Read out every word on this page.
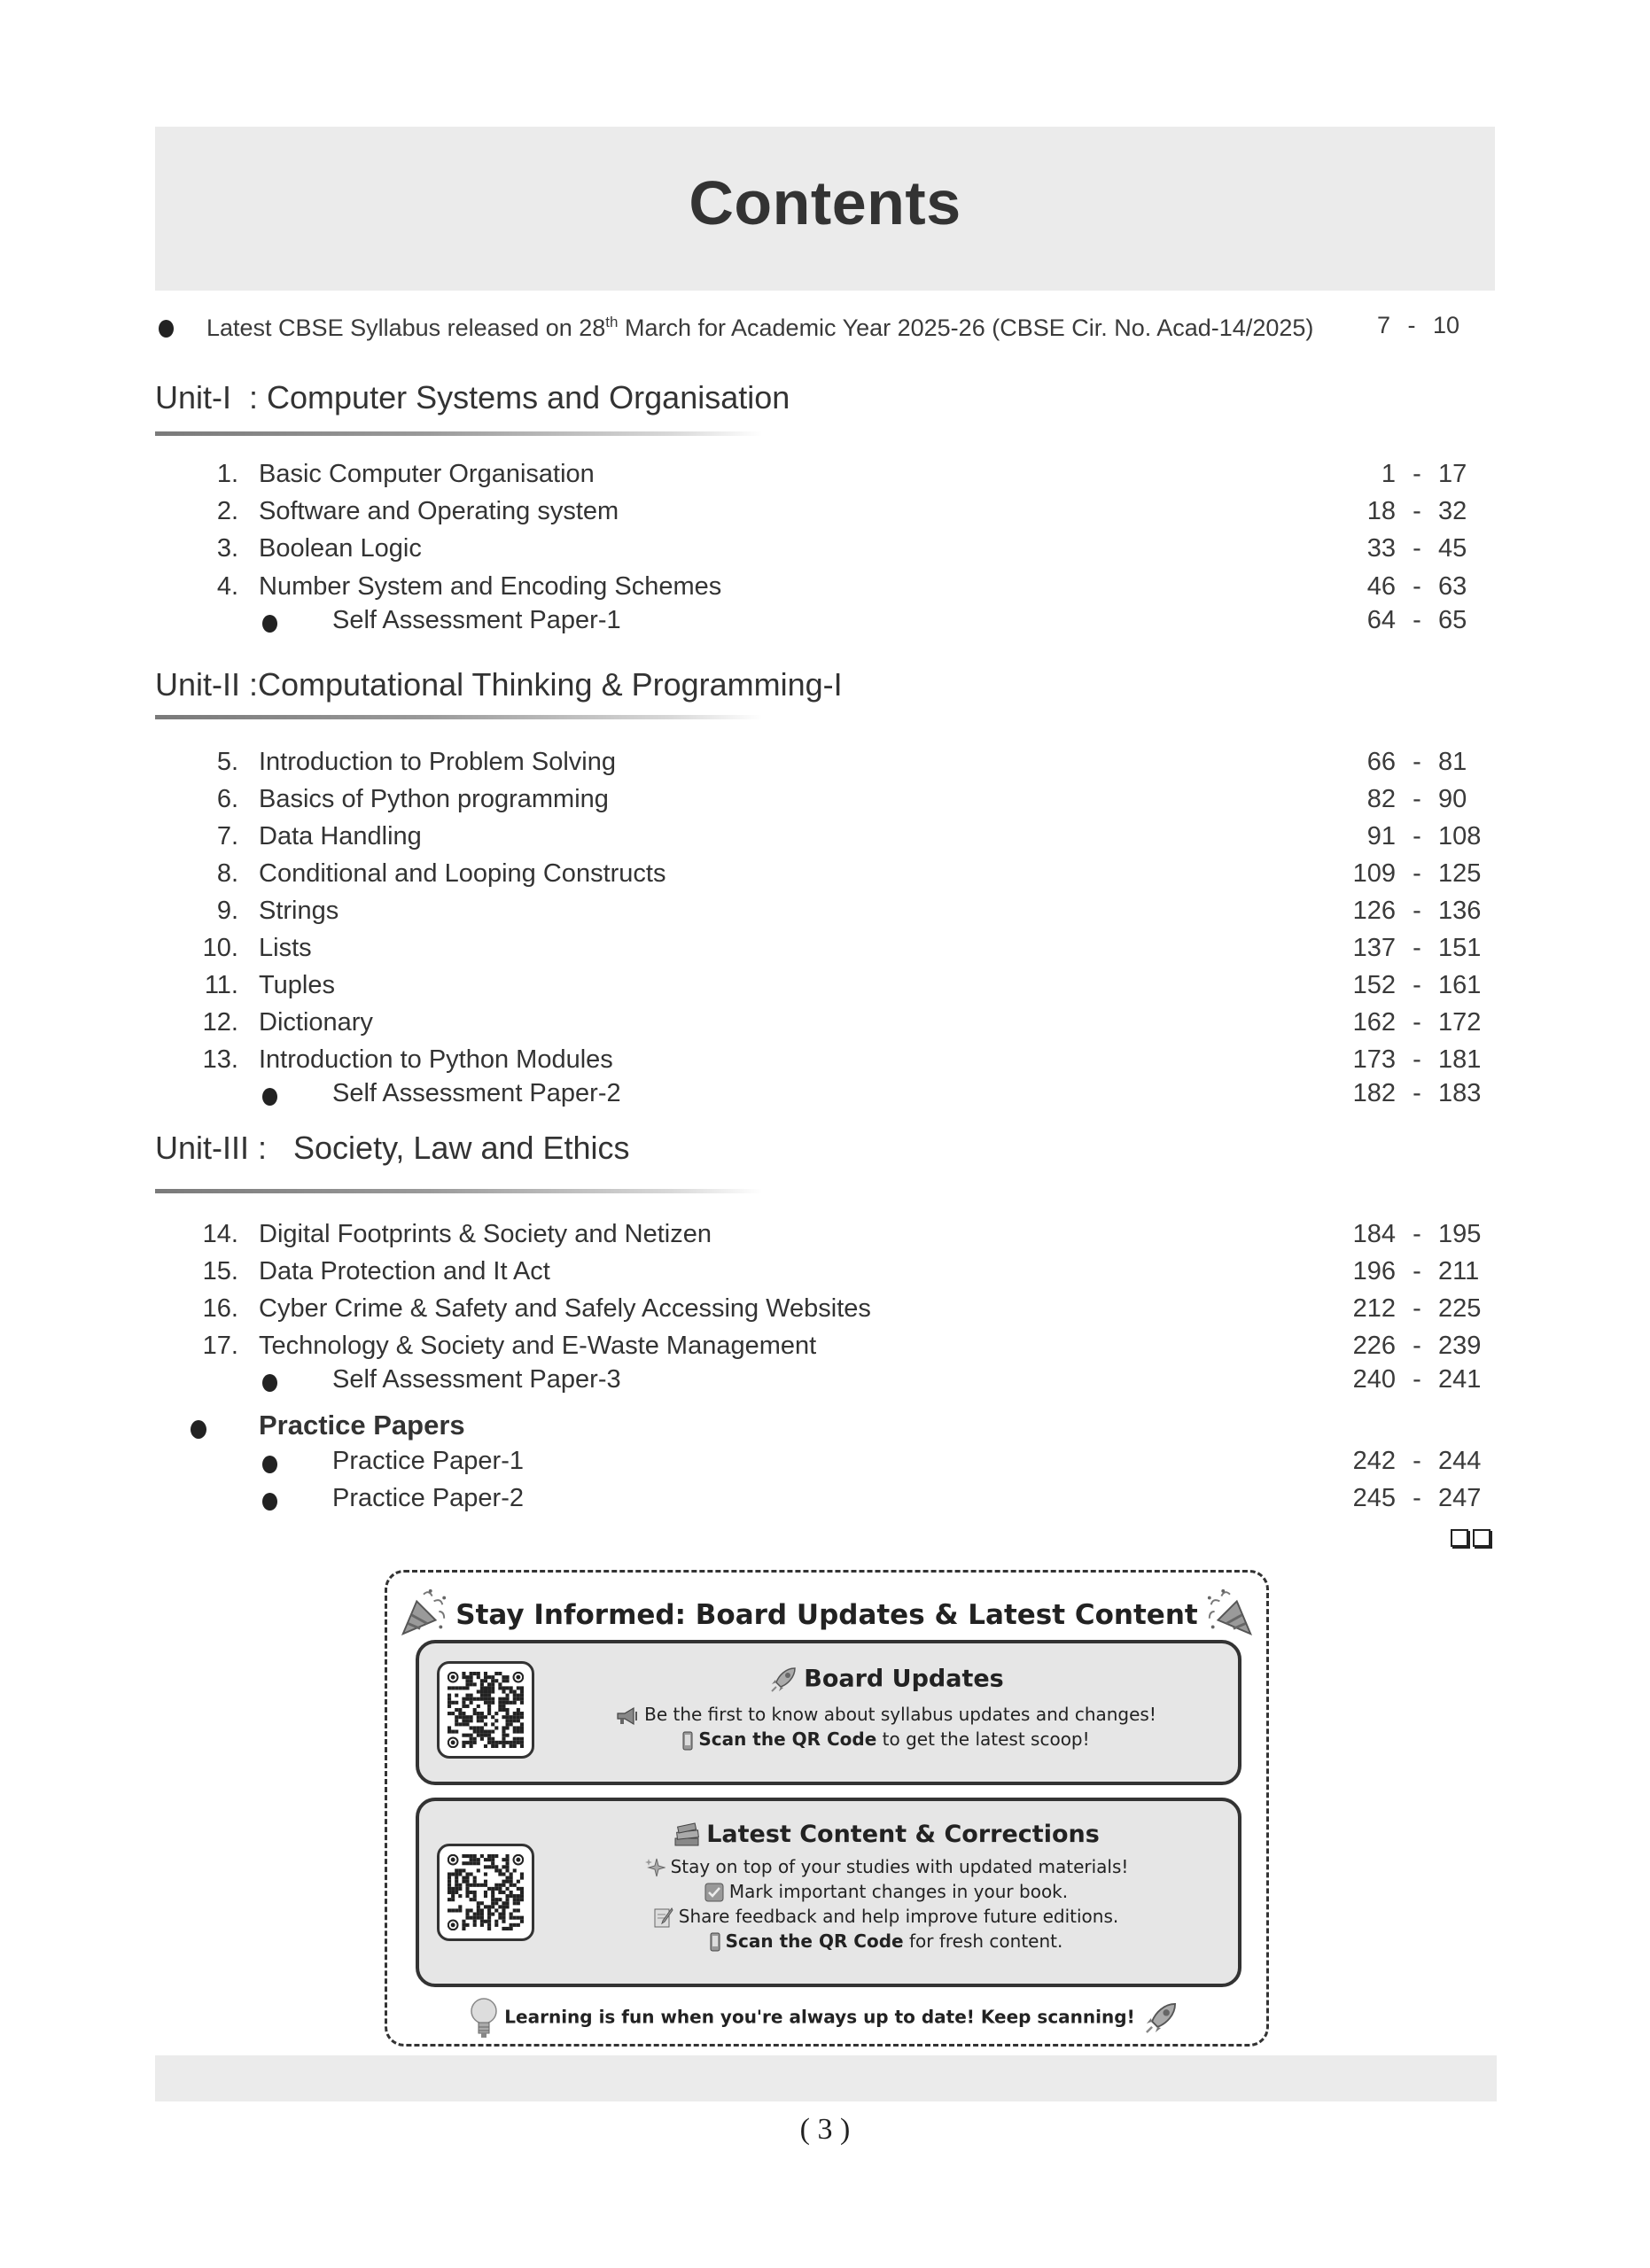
Contents
Latest CBSE Syllabus released on 28th March for Academic Year 2025-26 (CBSE Cir. No. Acad-14/2025)	7 - 10
Unit-I  : Computer Systems and Organisation
1. Basic Computer Organisation	1 - 17
2. Software and Operating system	18 - 32
3. Boolean Logic	33 - 45
4. Number System and Encoding Schemes	46 - 63
Self Assessment Paper-1	64 - 65
Unit-II :Computational Thinking & Programming-I
5. Introduction to Problem Solving	66 - 81
6. Basics of Python programming	82 - 90
7. Data Handling	91 - 108
8. Conditional and Looping Constructs	109 - 125
9. Strings	126 - 136
10. Lists	137 - 151
11. Tuples	152 - 161
12. Dictionary	162 - 172
13. Introduction to Python Modules	173 - 181
Self Assessment Paper-2	182 - 183
Unit-III :   Society, Law and Ethics
14. Digital Footprints & Society and Netizen	184 - 195
15. Data Protection and It Act	196 - 211
16. Cyber Crime & Safety and Safely Accessing Websites	212 - 225
17. Technology & Society and E-Waste Management	226 - 239
Self Assessment Paper-3	240 - 241
Practice Papers
Practice Paper-1	242 - 244
Practice Paper-2	245 - 247
Stay Informed: Board Updates & Latest Content
Board Updates
Be the first to know about syllabus updates and changes!
Scan the QR Code to get the latest scoop!
Latest Content & Corrections
Stay on top of your studies with updated materials!
Mark important changes in your book.
Share feedback and help improve future editions.
Scan the QR Code for fresh content.
Learning is fun when you're always up to date! Keep scanning!
( 3 )
